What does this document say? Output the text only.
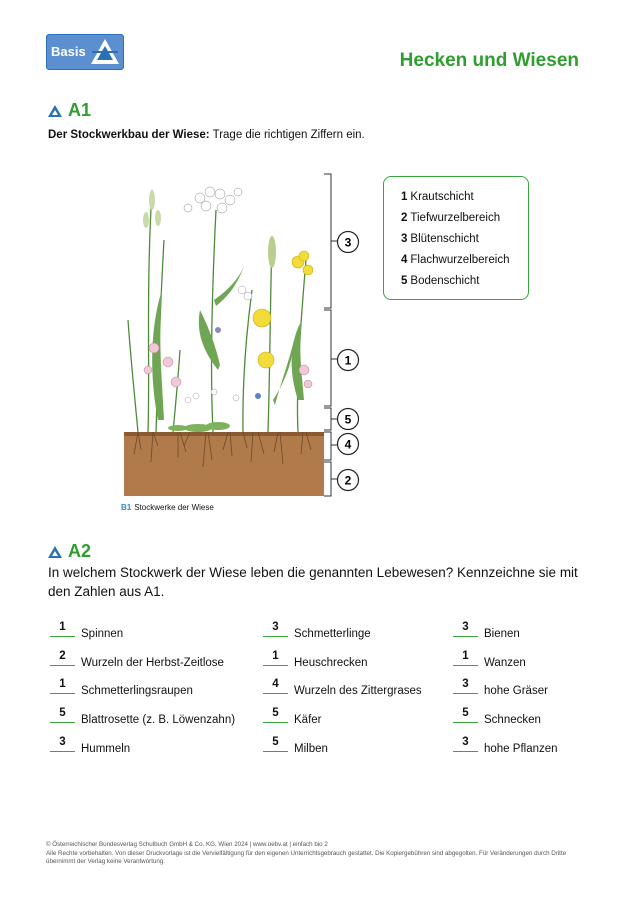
Basis	Hecken und Wiesen
A1
Der Stockwerkbau der Wiese: Trage die richtigen Ziffern ein.
3
1
5
4
2
B1 Stockwerke der Wiese
1 Krautschicht
2 Tiefwurzelbereich
3 Blütenschicht
4 Flachwurzelbereich
5 Bodenschicht
A2
In welchem Stockwerk der Wiese leben die genannten Lebewesen? Kennzeichne sie mit den Zahlen aus A1.
1
Spinnen
3
Schmetterlinge
3
Bienen
2
Wurzeln der Herbst-Zeitlose
1
Heuschrecken
1
Wanzen
1
Schmetterlingsraupen
4
Wurzeln des Zittergrases
3
hohe Gräser
5
Blattrosette (z. B. Löwenzahn)
5
Käfer
5
Schnecken
3
Hummeln
5
Milben
3
hohe Pflanzen
© Österreichischer Bundesverlag Schulbuch GmbH & Co. KG, Wien 2024 | www.oebv.at | einfach bio 2
Alle Rechte vorbehalten. Von dieser Druckvorlage ist die Vervielfältigung für den eigenen Unterrichtsgebrauch gestattet. Die Kopiergebühren sind abgegolten. Für Veränderungen durch Dritte übernimmt der Verlag keine Verantwortung.
